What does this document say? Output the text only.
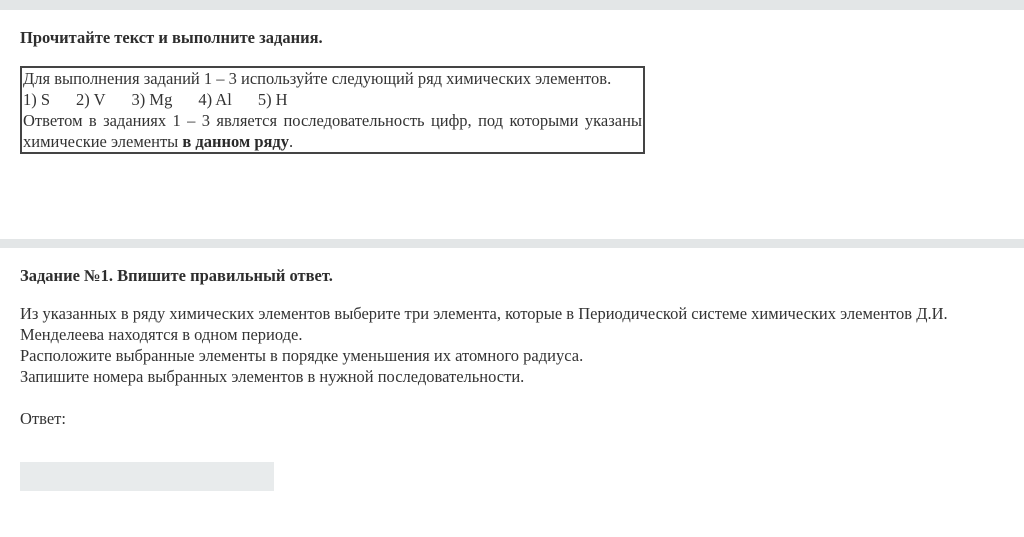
Прочитайте текст и выполните задания.

Для выполнения заданий 1 – 3 используйте следующий ряд химических элементов.

1) S 2) V 3) Mg 4) Al 5) H

Ответом в заданиях 1 – 3 является последовательность цифр, под которыми указаны химические элементы в данном ряду.

Задание №1. Впишите правильный ответ.

Из указанных в ряду химических элементов выберите три элемента, которые в Периодической системе химических элементов Д.И. Менделеева находятся в одном периоде.

Расположите выбранные элементы в порядке уменьшения их атомного радиуса.

Запишите номера выбранных элементов в нужной последовательности.

Ответ:
